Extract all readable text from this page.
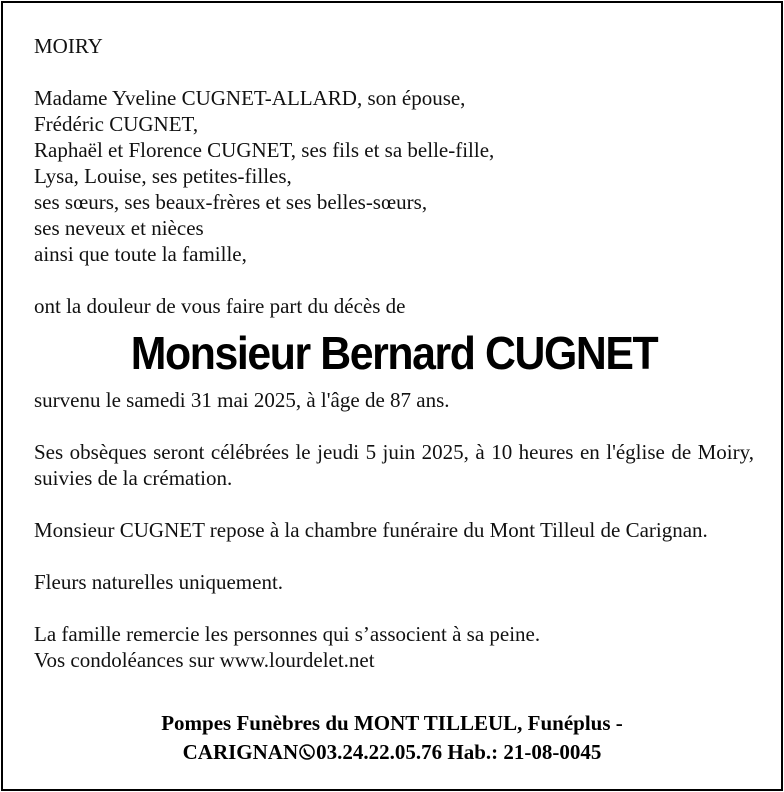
MOIRY
Madame Yveline CUGNET-ALLARD, son épouse,
Frédéric CUGNET,
Raphaël et Florence CUGNET, ses fils et sa belle-fille,
Lysa, Louise, ses petites-filles,
ses sœurs, ses beaux-frères et ses belles-sœurs,
ses neveux et nièces
ainsi que toute la famille,
ont la douleur de vous faire part du décès de
Monsieur Bernard CUGNET
survenu le samedi 31 mai 2025, à l'âge de 87 ans.
Ses obsèques seront célébrées le jeudi 5 juin 2025, à 10 heures en l'église de Moiry, suivies de la crémation.
Monsieur CUGNET repose à la chambre funéraire du Mont Tilleul de Carignan.
Fleurs naturelles uniquement.
La famille remercie les personnes qui s’associent à sa peine.
Vos condoléances sur www.lourdelet.net
Pompes Funèbres du MONT TILLEUL, Funéplus -
CARIGNAN 03.24.22.05.76 Hab.: 21-08-0045
